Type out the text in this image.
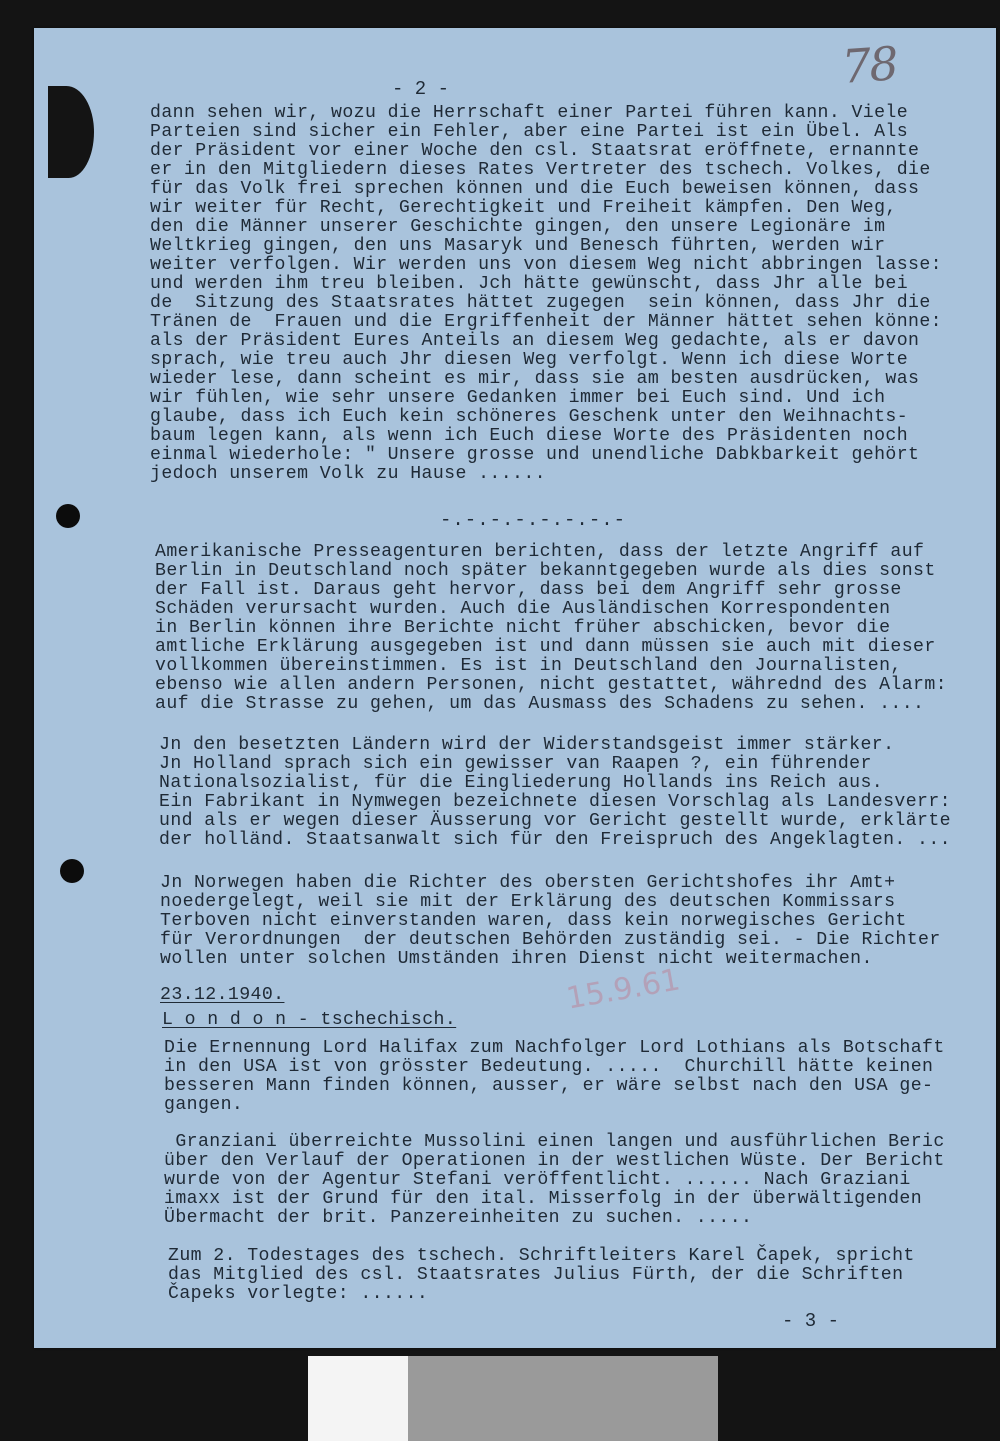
78
15.9.61
- 2 -
dann sehen wir, wozu die Herrschaft einer Partei führen kann. Viele
Parteien sind sicher ein Fehler, aber eine Partei ist ein Übel. Als
der Präsident vor einer Woche den csl. Staatsrat eröffnete, ernannte
er in den Mitgliedern dieses Rates Vertreter des tschech. Volkes, die
für das Volk frei sprechen können und die Euch beweisen können, dass
wir weiter für Recht, Gerechtigkeit und Freiheit kämpfen. Den Weg,
den die Männer unserer Geschichte gingen, den unsere Legionäre im
Weltkrieg gingen, den uns Masaryk und Benesch führten, werden wir
weiter verfolgen. Wir werden uns von diesem Weg nicht abbringen lasse:
und werden ihm treu bleiben. Jch hätte gewünscht, dass Jhr alle bei
de  Sitzung des Staatsrates hättet zugegen  sein können, dass Jhr die
Tränen de  Frauen und die Ergriffenheit der Männer hättet sehen könne:
als der Präsident Eures Anteils an diesem Weg gedachte, als er davon
sprach, wie treu auch Jhr diesen Weg verfolgt. Wenn ich diese Worte
wieder lese, dann scheint es mir, dass sie am besten ausdrücken, was
wir fühlen, wie sehr unsere Gedanken immer bei Euch sind. Und ich
glaube, dass ich Euch kein schöneres Geschenk unter den Weihnachts-
baum legen kann, als wenn ich Euch diese Worte des Präsidenten noch
einmal wiederhole: " Unsere grosse und unendliche Dabkbarkeit gehört
jedoch unserem Volk zu Hause ......
-.-.-.-.-.-.-.-
Amerikanische Presseagenturen berichten, dass der letzte Angriff auf
Berlin in Deutschland noch später bekanntgegeben wurde als dies sonst
der Fall ist. Daraus geht hervor, dass bei dem Angriff sehr grosse
Schäden verursacht wurden. Auch die Ausländischen Korrespondenten
in Berlin können ihre Berichte nicht früher abschicken, bevor die
amtliche Erklärung ausgegeben ist und dann müssen sie auch mit dieser
vollkommen übereinstimmen. Es ist in Deutschland den Journalisten,
ebenso wie allen andern Personen, nicht gestattet, währednd des Alarm:
auf die Strasse zu gehen, um das Ausmass des Schadens zu sehen. ....
Jn den besetzten Ländern wird der Widerstandsgeist immer stärker.
Jn Holland sprach sich ein gewisser van Raapen ?, ein führender
Nationalsozialist, für die Eingliederung Hollands ins Reich aus.
Ein Fabrikant in Nymwegen bezeichnete diesen Vorschlag als Landesverr:
und als er wegen dieser Äusserung vor Gericht gestellt wurde, erklärte
der holländ. Staatsanwalt sich für den Freispruch des Angeklagten. ...
Jn Norwegen haben die Richter des obersten Gerichtshofes ihr Amt+
noedergelegt, weil sie mit der Erklärung des deutschen Kommissars
Terboven nicht einverstanden waren, dass kein norwegisches Gericht
für Verordnungen  der deutschen Behörden zuständig sei. - Die Richter
wollen unter solchen Umständen ihren Dienst nicht weitermachen.
23.12.1940.
L o n d o n - tschechisch.
Die Ernennung Lord Halifax zum Nachfolger Lord Lothians als Botschaft
in den USA ist von grösster Bedeutung. .....  Churchill hätte keinen
besseren Mann finden können, ausser, er wäre selbst nach den USA ge-
gangen.
Granziani überreichte Mussolini einen langen und ausführlichen Beric
über den Verlauf der Operationen in der westlichen Wüste. Der Bericht
wurde von der Agentur Stefani veröffentlicht. ...... Nach Graziani
imaxx ist der Grund für den ital. Misserfolg in der überwältigenden
Übermacht der brit. Panzereinheiten zu suchen. .....
Zum 2. Todestages des tschech. Schriftleiters Karel Čapek, spricht
das Mitglied des csl. Staatsrates Julius Fürth, der die Schriften
Čapeks vorlegte: ......
- 3 -
